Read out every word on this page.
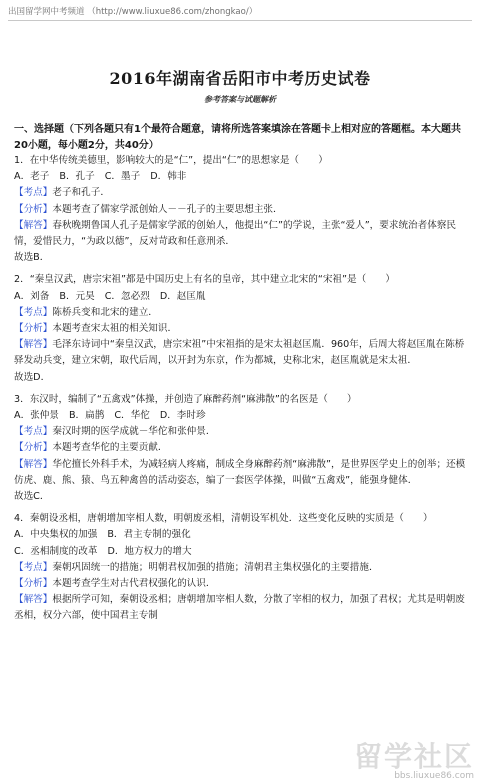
出国留学网中考频道 （http://www.liuxue86.com/zhongkao/）
2016年湖南省岳阳市中考历史试卷
参考答案与试题解析

一、选择题（下列各题只有1个最符合题意，请将所选答案填涂在答题卡上相对应的答题框。本大题共20小题，每小题2分，共40分）

1．在中华传统美德里，影响较大的是“仁”，提出“仁”的思想家是（　　）

A．老子 B．孔子 C．墨子 D．韩非

【考点】老子和孔子．

【分析】本题考查了儒家学派创始人－－孔子的主要思想主张．

【解答】春秋晚期鲁国人孔子是儒家学派的创始人，他提出“仁”的学说，主张“爱人”，要求统治者体察民情，爱惜民力，“为政以德”，反对苛政和任意刑杀．

故选B．

2．“秦皇汉武，唐宗宋祖”都是中国历史上有名的皇帝，其中建立北宋的“宋祖”是（　　）

A．刘备 B．元昊 C．忽必烈 D．赵匡胤

【考点】陈桥兵变和北宋的建立．

【分析】本题考查宋太祖的相关知识．

【解答】毛泽东诗词中“秦皇汉武，唐宗宋祖”中宋祖指的是宋太祖赵匡胤．960年，后周大将赵匡胤在陈桥驿发动兵变，建立宋朝，取代后周，以开封为东京，作为都城，史称北宋，赵匡胤就是宋太祖．

故选D．

3．东汉时，编制了“五禽戏”体操，并创造了麻醉药剂“麻沸散”的名医是（　　）

A．张仲景 B．扁鹊 C．华佗 D．李时珍

【考点】秦汉时期的医学成就－华佗和张仲景．

【分析】本题考查华佗的主要贡献．

【解答】华佗擅长外科手术，为减轻病人疼痛，制成全身麻醉药剂“麻沸散”，是世界医学史上的创举；还模仿虎、鹿、熊、猿、鸟五种禽兽的活动姿态，编了一套医学体操，叫做“五禽戏”，能强身健体．

故选C．

4．秦朝设丞相，唐朝增加宰相人数，明朝废丞相，清朝设军机处．这些变化反映的实质是（　　）

A．中央集权的加强 B．君主专制的强化

C．丞相制度的改革 D．地方权力的增大

【考点】秦朝巩固统一的措施；明朝君权加强的措施；清朝君主集权强化的主要措施．

【分析】本题考查学生对古代君权强化的认识．

【解答】根据所学可知，秦朝设丞相；唐朝增加宰相人数，分散了宰相的权力，加强了君权；尤其是明朝废丞相，权分六部，使中国君主专制

留学社区
bbs.liuxue86.com
